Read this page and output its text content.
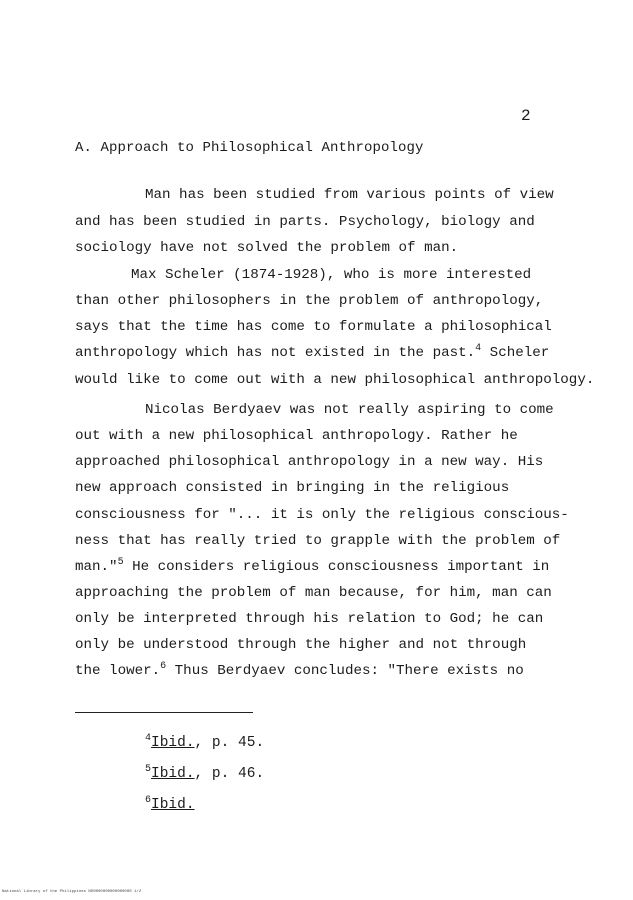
2
A. Approach to Philosophical Anthropology
Man has been studied from various points of view
and has been studied in parts. Psychology, biology and
sociology have not solved the problem of man.
Max Scheler (1874-1928), who is more interested
than other philosophers in the problem of anthropology,
says that the time has come to formulate a philosophical
anthropology which has not existed in the past.$^4$ Scheler
would like to come out with a new philosophical anthropology.
Nicolas Berdyaev was not really aspiring to come
out with a new philosophical anthropology. Rather he
approached philosophical anthropology in a new way. His
new approach consisted in bringing in the religious
consciousness for "... it is only the religious conscious-
ness that has really tried to grapple with the problem of
man."$^5$ He considers religious consciousness important in
approaching the problem of man because, for him, man can
only be interpreted through his relation to God; he can
only be understood through the higher and not through
the lower.$^6$ Thus Berdyaev concludes: "There exists no
$^4$Ibid., p. 45.
$^5$Ibid., p. 46.
$^6$Ibid.
National Library of the Philippines ND0000000000000000 1/2
